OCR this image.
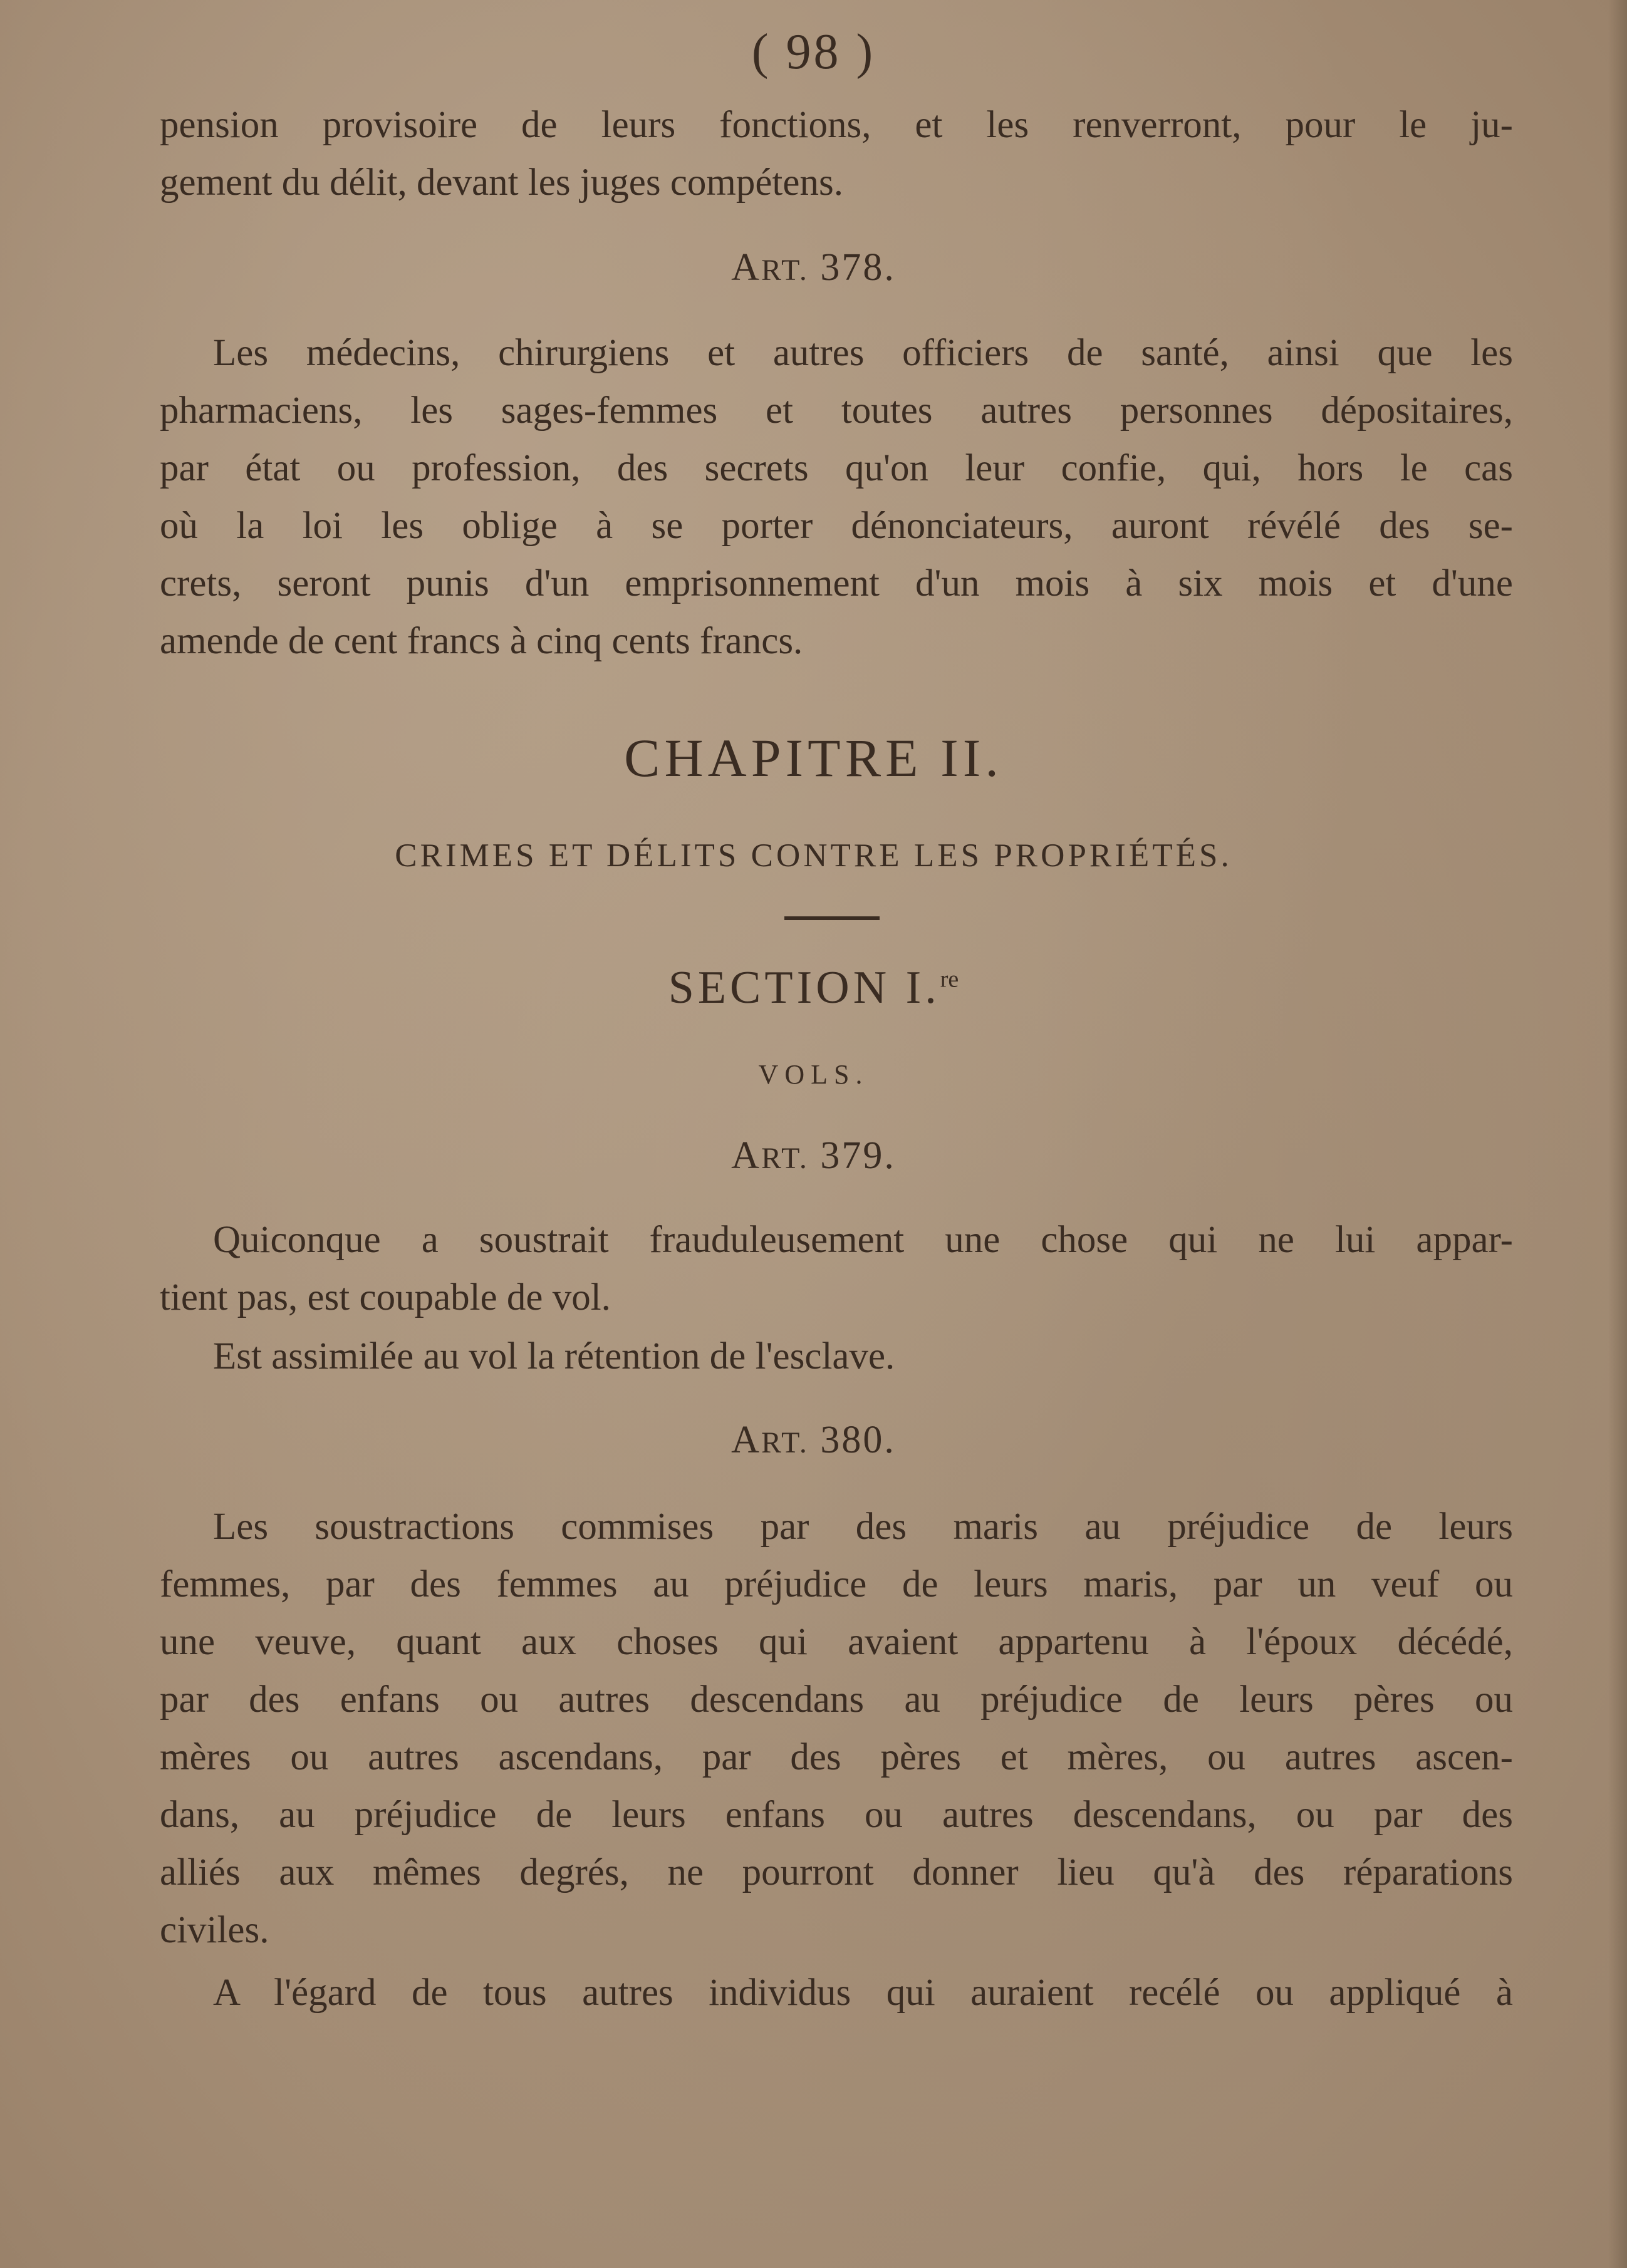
( 98 )
pension provisoire de leurs fonctions, et les renverront, pour le ju-
gement du délit, devant les juges compétens.
ART. 378.
Les médecins, chirurgiens et autres officiers de santé, ainsi que les
pharmaciens, les sages-femmes et toutes autres personnes dépositaires,
par état ou profession, des secrets qu'on leur confie, qui, hors le cas
où la loi les oblige à se porter dénonciateurs, auront révélé des se-
crets, seront punis d'un emprisonnement d'un mois à six mois et d'une
amende de cent francs à cinq cents francs.
CHAPITRE II.
CRIMES ET DÉLITS CONTRE LES PROPRIÉTÉS.
SECTION I.$^{re}$
VOLS.
ART. 379.
Quiconque a soustrait frauduleusement une chose qui ne lui appar-
tient pas, est coupable de vol.
Est assimilée au vol la rétention de l'esclave.
ART. 380.
Les soustractions commises par des maris au préjudice de leurs
femmes, par des femmes au préjudice de leurs maris, par un veuf ou
une veuve, quant aux choses qui avaient appartenu à l'époux décédé,
par des enfans ou autres descendans au préjudice de leurs pères ou
mères ou autres ascendans, par des pères et mères, ou autres ascen-
dans, au préjudice de leurs enfans ou autres descendans, ou par des
alliés aux mêmes degrés, ne pourront donner lieu qu'à des réparations
civiles.
A l'égard de tous autres individus qui auraient recélé ou appliqué à
